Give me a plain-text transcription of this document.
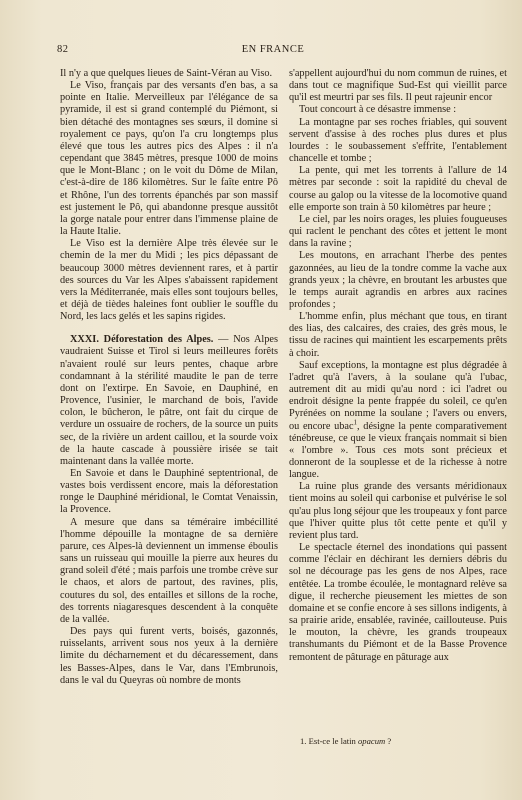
82	EN FRANCE

Il n'y a que quelques lieues de Saint-Véran au Viso.

Le Viso, français par des versants d'en bas, a sa pointe en Italie. Merveilleux par l'élégance de sa pyramide, il est si grand contemplé du Piémont, si bien détaché des montagnes ses sœurs, il domine si royalement ce pays, qu'on l'a cru longtemps plus élevé que tous les autres pics des Alpes : il n'a cependant que 3845 mètres, presque 1000 de moins que le Mont-Blanc ; on le voit du Dôme de Milan, c'est-à-dire de 186 kilomètres. Sur le faîte entre Pô et Rhône, l'un des torrents épanchés par son massif est justement le Pô, qui abandonne presque aussitôt la gorge natale pour entrer dans l'immense plaine de la Haute Italie.

Le Viso est la dernière Alpe très élevée sur le chemin de la mer du Midi ; les pics dépassant de beaucoup 3000 mètres deviennent rares, et à partir des sources du Var les Alpes s'abaissent rapidement vers la Méditerranée, mais elles sont toujours belles, et déjà de tièdes haleines font oublier le souffle du Nord, les lacs gelés et les sapins rigides.

XXXI. Déforestation des Alpes. — Nos Alpes vaudraient Suisse et Tirol si leurs meilleures forêts n'avaient roulé sur leurs pentes, chaque arbre condamnant à la stérilité maudite le pan de terre dont on l'extirpe. En Savoie, en Dauphiné, en Provence, l'usinier, le marchand de bois, l'avide colon, le bûcheron, le pâtre, ont fait du cirque de verdure un ossuaire de rochers, de la source un puits sec, de la rivière un ardent caillou, et la sourde voix de la haute cascade à poussière irisée se tait maintenant dans la vallée morte.

En Savoie et dans le Dauphiné septentrional, de vastes bois verdissent encore, mais la déforestation ronge le Dauphiné méridional, le Comtat Venaissin, la Provence.

A mesure que dans sa téméraire imbécillité l'homme dépouille la montagne de sa dernière parure, ces Alpes-là deviennent un immense éboulis sans un ruisseau qui mouille la pierre aux heures du grand soleil d'été ; mais parfois une trombe crève sur le chaos, et alors de partout, des ravines, plis, coutures du sol, des entailles et sillons de la roche, des torrents niagaresques descendent à la conquête de la vallée.

Des pays qui furent verts, boisés, gazonnés, ruisselants, arrivent sous nos yeux à la dernière limite du décharnement et du décaressement, dans les Basses-Alpes, dans le Var, dans l'Embrunois, dans le val du Queyras où nombre de monts

s'appellent aujourd'hui du nom commun de ruines, et dans tout ce magnifique Sud-Est qui vieillit parce qu'il est meurtri par ses fils. Il peut rajeunir encor

Tout concourt à ce désastre immense :

La montagne par ses roches friables, qui souvent servent d'assise à des roches plus dures et plus lourdes : le soubassement s'effrite, l'entablement chancelle et tombe ;

La pente, qui met les torrents à l'allure de 14 mètres par seconde : soit la rapidité du cheval de course au galop ou la vitesse de la locomotive quand elle emporte son train à 50 kilomètres par heure ;

Le ciel, par les noirs orages, les pluies fougueuses qui raclent le penchant des côtes et jettent le mont dans la ravine ;

Les moutons, en arrachant l'herbe des pentes gazonnées, au lieu de la tondre comme la vache aux grands yeux ; la chèvre, en broutant les arbustes que le temps aurait agrandis en arbres aux racines profondes ;

L'homme enfin, plus méchant que tous, en tirant des lias, des calcaires, des craies, des grès mous, le tissu de racines qui maintient les escarpements prêts à choir.

Sauf exceptions, la montagne est plus dégradée à l'adret qu'à l'avers, à la soulane qu'à l'ubac, autrement dit au midi qu'au nord : ici l'adret ou endroit désigne la pente frappée du soleil, ce qu'en Pyrénées on nomme la soulane ; l'avers ou envers, ou encore ubac$^1$, désigne la pente comparativement ténébreuse, ce que le vieux français nommait si bien « l'ombre ». Tous ces mots sont précieux et donneront de la souplesse et de la richesse à notre langue.

La ruine plus grande des versants méridionaux tient moins au soleil qui carbonise et pulvérise le sol qu'au plus long séjour que les troupeaux y font parce que l'hiver quitte plus tôt cette pente et qu'il y revient plus tard.

Le spectacle éternel des inondations qui passent comme l'éclair en déchirant les derniers débris du sol ne décourage pas les gens de nos Alpes, race entêtée. La trombe écoulée, le montagnard relève sa digue, il recherche pieusement les miettes de son domaine et se confie encore à ses sillons indigents, à sa prairie aride, ensablée, ravinée, caillouteuse. Puis le mouton, la chèvre, les grands troupeaux transhumants du Piémont et de la Basse Provence remontent de pâturage en pâturage aux

1. Est-ce le latin opacum ?
